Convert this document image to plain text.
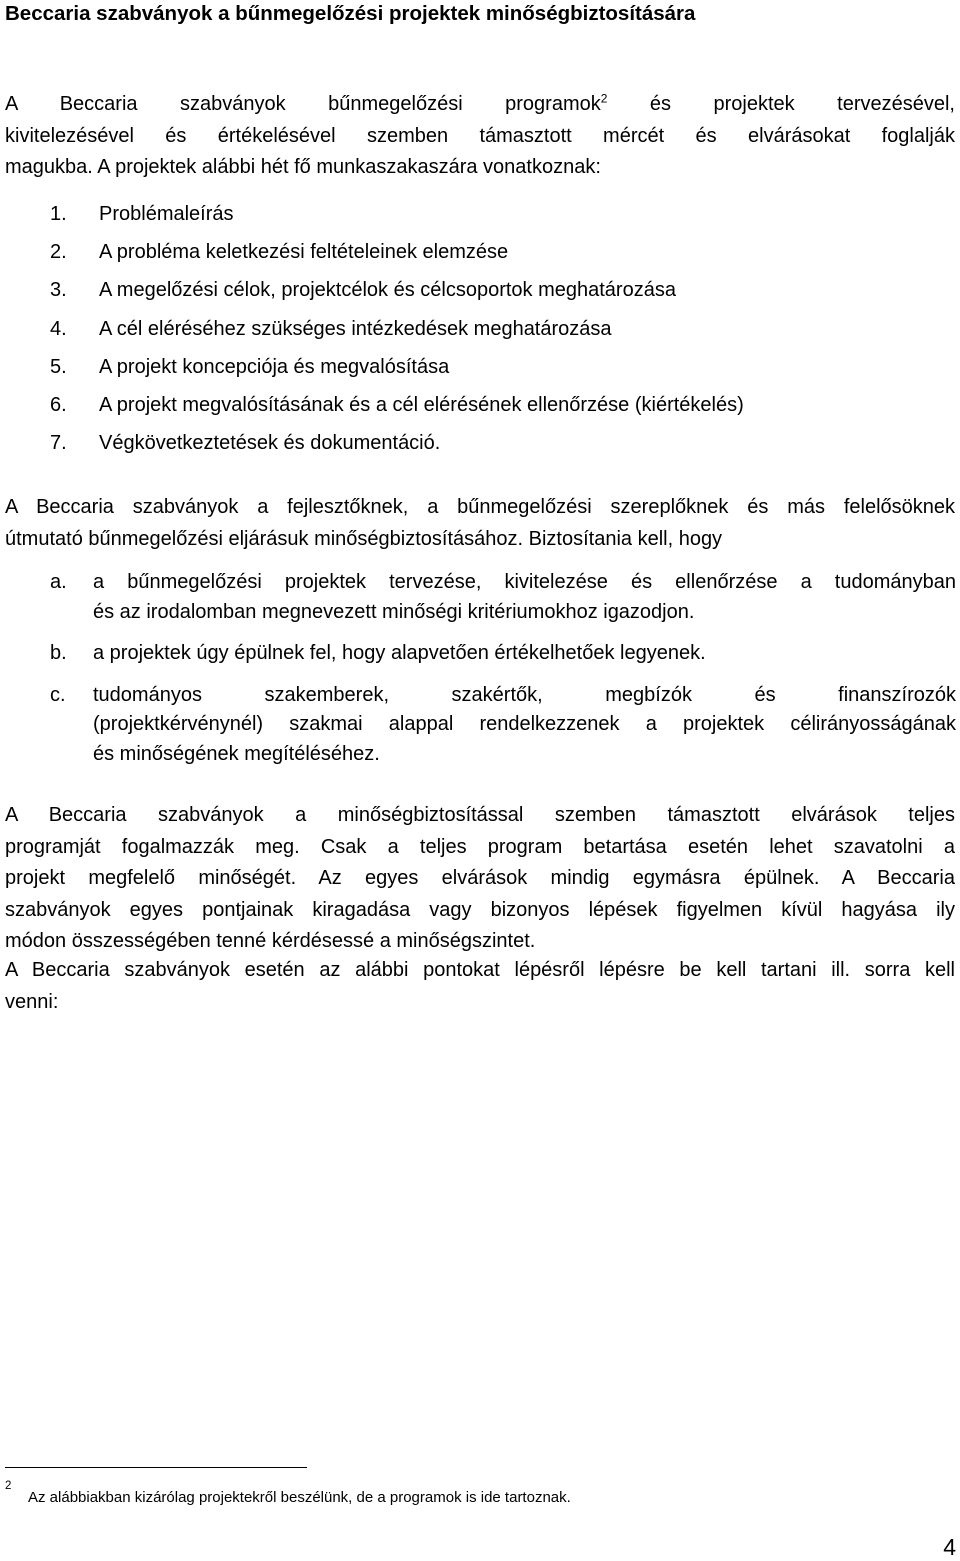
Beccaria szabványok a bűnmegelőzési projektek minőségbiztosítására

A Beccaria szabványok bűnmegelőzési programok$^2$ és projektek tervezésével,
kivitelezésével és értékelésével szemben támasztott mércét és elvárásokat foglalják
magukba. A projektek alábbi hét fő munkaszakaszára vonatkoznak:

1. Problémaleírás
2. A probléma keletkezési feltételeinek elemzése
3. A megelőzési célok, projektcélok és célcsoportok meghatározása
4. A cél eléréséhez szükséges intézkedések meghatározása
5. A projekt koncepciója és megvalósítása
6. A projekt megvalósításának és a cél elérésének ellenőrzése (kiértékelés)
7. Végkövetkeztetések és dokumentáció.

A Beccaria szabványok a fejlesztőknek, a bűnmegelőzési szereplőknek és más felelősöknek
útmutató bűnmegelőzési eljárásuk minőségbiztosításához. Biztosítania kell, hogy

a. a bűnmegelőzési projektek tervezése, kivitelezése és ellenőrzése a tudományban
és az irodalomban megnevezett minőségi kritériumokhoz igazodjon.
b. a projektek úgy épülnek fel, hogy alapvetően értékelhetőek legyenek.
c. tudományos szakemberek, szakértők, megbízók és finanszírozók
(projektkérvénynél) szakmai alappal rendelkezzenek a projektek célirányosságának
és minőségének megítéléséhez.

A Beccaria szabványok a minőségbiztosítással szemben támasztott elvárások teljes
programját fogalmazzák meg. Csak a teljes program betartása esetén lehet szavatolni a
projekt megfelelő minőségét. Az egyes elvárások mindig egymásra épülnek. A Beccaria
szabványok egyes pontjainak kiragadása vagy bizonyos lépések figyelmen kívül hagyása ily
módon összességében tenné kérdésessé a minőségszintet.

A Beccaria szabványok esetén az alábbi pontokat lépésről lépésre be kell tartani ill. sorra kell
venni:

2
Az alábbiakban kizárólag projektekről beszélünk, de a programok is ide tartoznak.

4
